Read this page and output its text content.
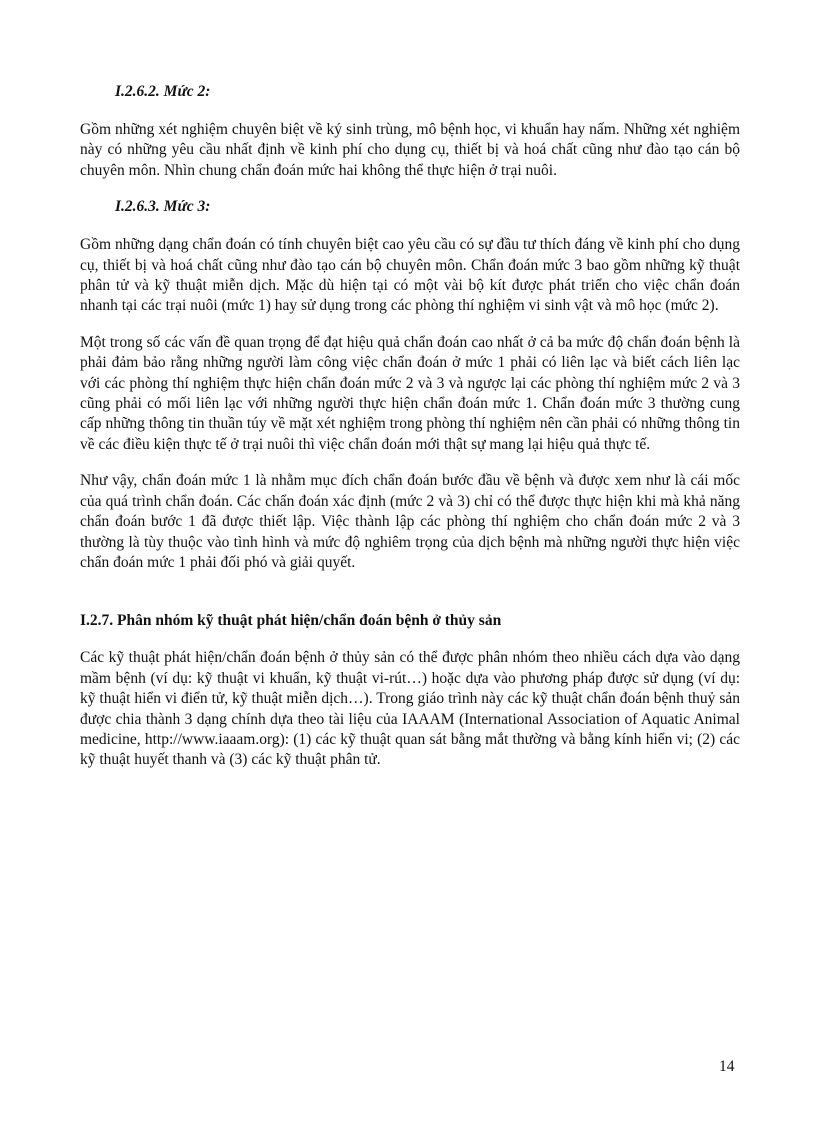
I.2.6.2. Mức 2:

Gồm những xét nghiệm chuyên biệt về ký sinh trùng, mô bệnh học, vi khuẩn hay nấm. Những xét nghiệm này có những yêu cầu nhất định về kinh phí cho dụng cụ, thiết bị và hoá chất cũng như đào tạo cán bộ chuyên môn. Nhìn chung chẩn đoán mức hai không thể thực hiện ở trại nuôi.

I.2.6.3. Mức 3:

Gồm những dạng chẩn đoán có tính chuyên biệt cao yêu cầu có sự đầu tư thích đáng về kinh phí cho dụng cụ, thiết bị và hoá chất cũng như đào tạo cán bộ chuyên môn. Chẩn đoán mức 3 bao gồm những kỹ thuật phân tử và kỹ thuật miễn dịch. Mặc dù hiện tại có một vài bộ kít được phát triển cho việc chẩn đoán nhanh tại các trại nuôi (mức 1) hay sử dụng trong các phòng thí nghiệm vi sinh vật và mô học (mức 2).

Một trong số các vấn đề quan trọng để đạt hiệu quả chẩn đoán cao nhất ở cả ba mức độ chẩn đoán bệnh là phải đảm bảo rằng những người làm công việc chẩn đoán ở mức 1 phải có liên lạc và biết cách liên lạc với các phòng thí nghiệm thực hiện chẩn đoán mức 2 và 3 và ngược lại các phòng thí nghiệm mức 2 và 3 cũng phải có mối liên lạc với những người thực hiện chẩn đoán mức 1. Chẩn đoán mức 3 thường cung cấp những thông tin thuần túy về mặt xét nghiệm trong phòng thí nghiệm nên cần phải có những thông tin về các điều kiện thực tế ở trại nuôi thì việc chẩn đoán mới thật sự mang lại hiệu quả thực tế.

Như vậy, chẩn đoán mức 1 là nhằm mục đích chẩn đoán bước đầu về bệnh và được xem như là cái mốc của quá trình chẩn đoán. Các chẩn đoán xác định (mức 2 và 3) chỉ có thể được thực hiện khi mà khả năng chẩn đoán bước 1 đã được thiết lập. Việc thành lập các phòng thí nghiệm cho chẩn đoán mức 2 và 3 thường là tùy thuộc vào tình hình và mức độ nghiêm trọng của dịch bệnh mà những người thực hiện việc chẩn đoán mức 1 phải đối phó và giải quyết.

I.2.7. Phân nhóm kỹ thuật phát hiện/chẩn đoán bệnh ở thủy sản

Các kỹ thuật phát hiện/chẩn đoán bệnh ở thủy sản có thể được phân nhóm theo nhiều cách dựa vào dạng mầm bệnh (ví dụ: kỹ thuật vi khuẩn, kỹ thuật vi-rút…) hoặc dựa vào phương pháp được sử dụng (ví dụ: kỹ thuật hiển vi điển tử, kỹ thuật miễn dịch…). Trong giáo trình này các kỹ thuật chẩn đoán bệnh thuỷ sản được chia thành 3 dạng chính dựa theo tài liệu của IAAAM (International Association of Aquatic Animal medicine, http://www.iaaam.org): (1) các kỹ thuật quan sát bằng mắt thường và bằng kính hiển vi; (2) các kỹ thuật huyết thanh và (3) các kỹ thuật phân tử.

14
